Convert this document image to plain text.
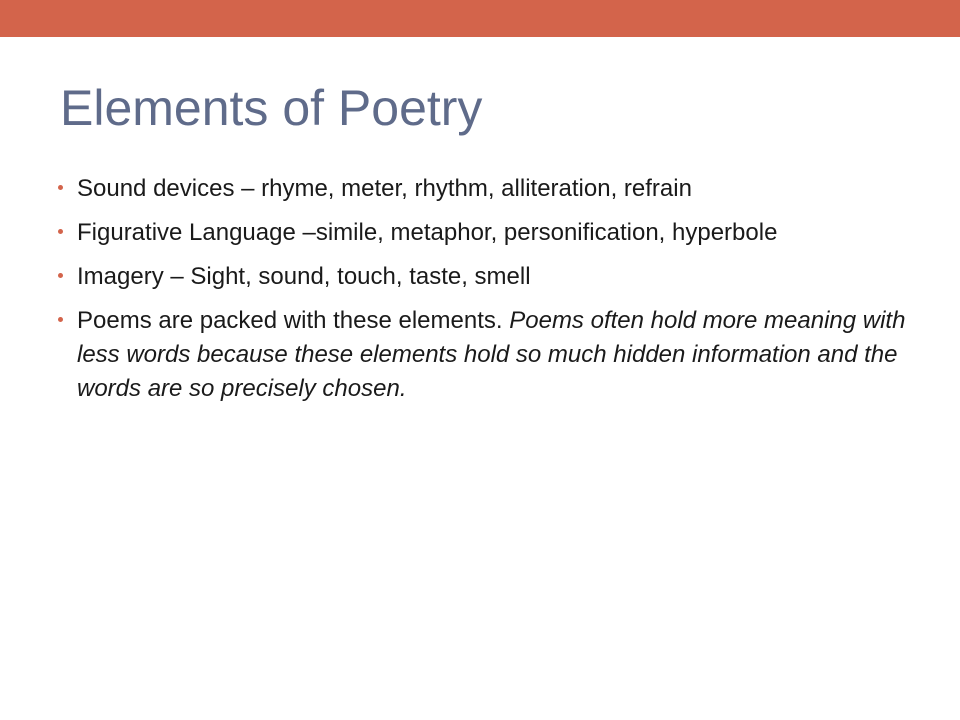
Elements of Poetry
Sound devices – rhyme, meter, rhythm, alliteration, refrain
Figurative Language –simile, metaphor, personification, hyperbole
Imagery – Sight, sound, touch, taste, smell
Poems are packed with these elements. Poems often hold more meaning with less words because these elements hold so much hidden information and the words are so precisely chosen.
